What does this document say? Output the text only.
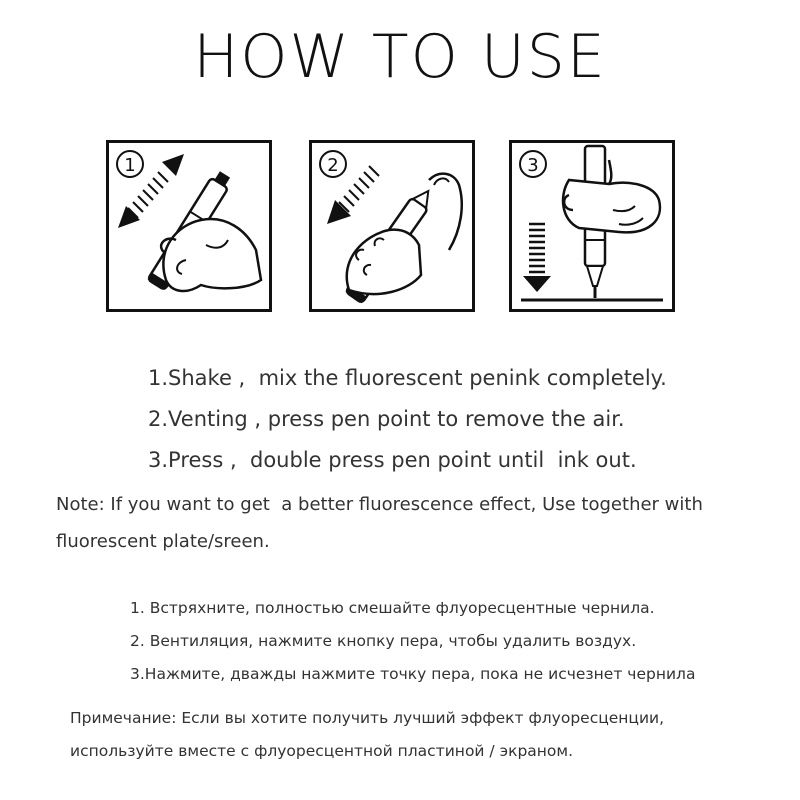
HOW TO USE
1	2	3
1.Shake ,  mix the fluorescent penink completely.
2.Venting , press pen point to remove the air.
3.Press ,  double press pen point until  ink out.
Note: If you want to get  a better fluorescence effect, Use together with fluorescent plate/sreen.
1. Встряхните, полностью смешайте флуоресцентные чернила.
2. Вентиляция, нажмите кнопку пера, чтобы удалить воздух.
3.Нажмите, дважды нажмите точку пера, пока не исчезнет чернила
Примечание: Если вы хотите получить лучший эффект флуоресценции, используйте вместе с флуоресцентной пластиной / экраном.
